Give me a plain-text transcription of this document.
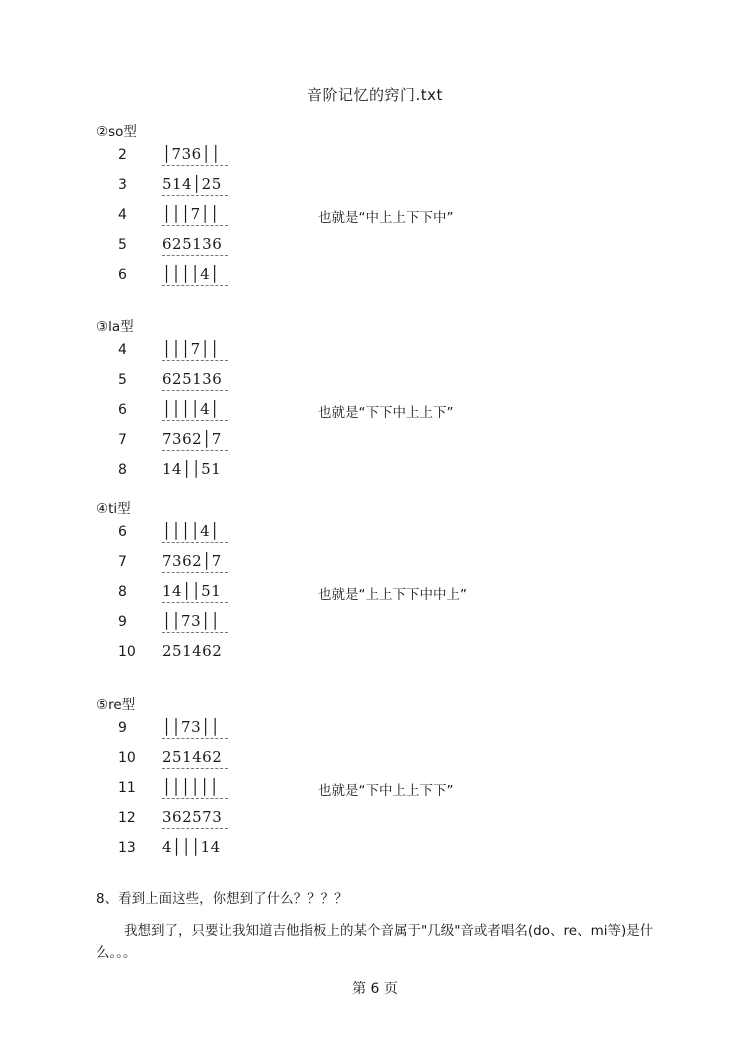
音阶记忆的窍门.txt
②so型
2	│736││
3	514│25
4	│││7││	也就是“中上上下下中”
5	625136
6	││││4│
③la型
4	│││7││
5	625136
6	││││4│	也就是“下下中上上下”
7	7362│7
8	14││51
④ti型
6	││││4│
7	7362│7
8	14││51	也就是“上上下下中中上”
9	││73││
10 251462
⑤re型
9	││73││
10 251462
11 ││││││	也就是“下中上上下下”
12 362573
13 4│││14
8、看到上面这些，你想到了什么？？？？
我想到了，只要让我知道吉他指板上的某个音属于"几级"音或者唱名(do、re、mi等)是什么。。。
第 6 页
